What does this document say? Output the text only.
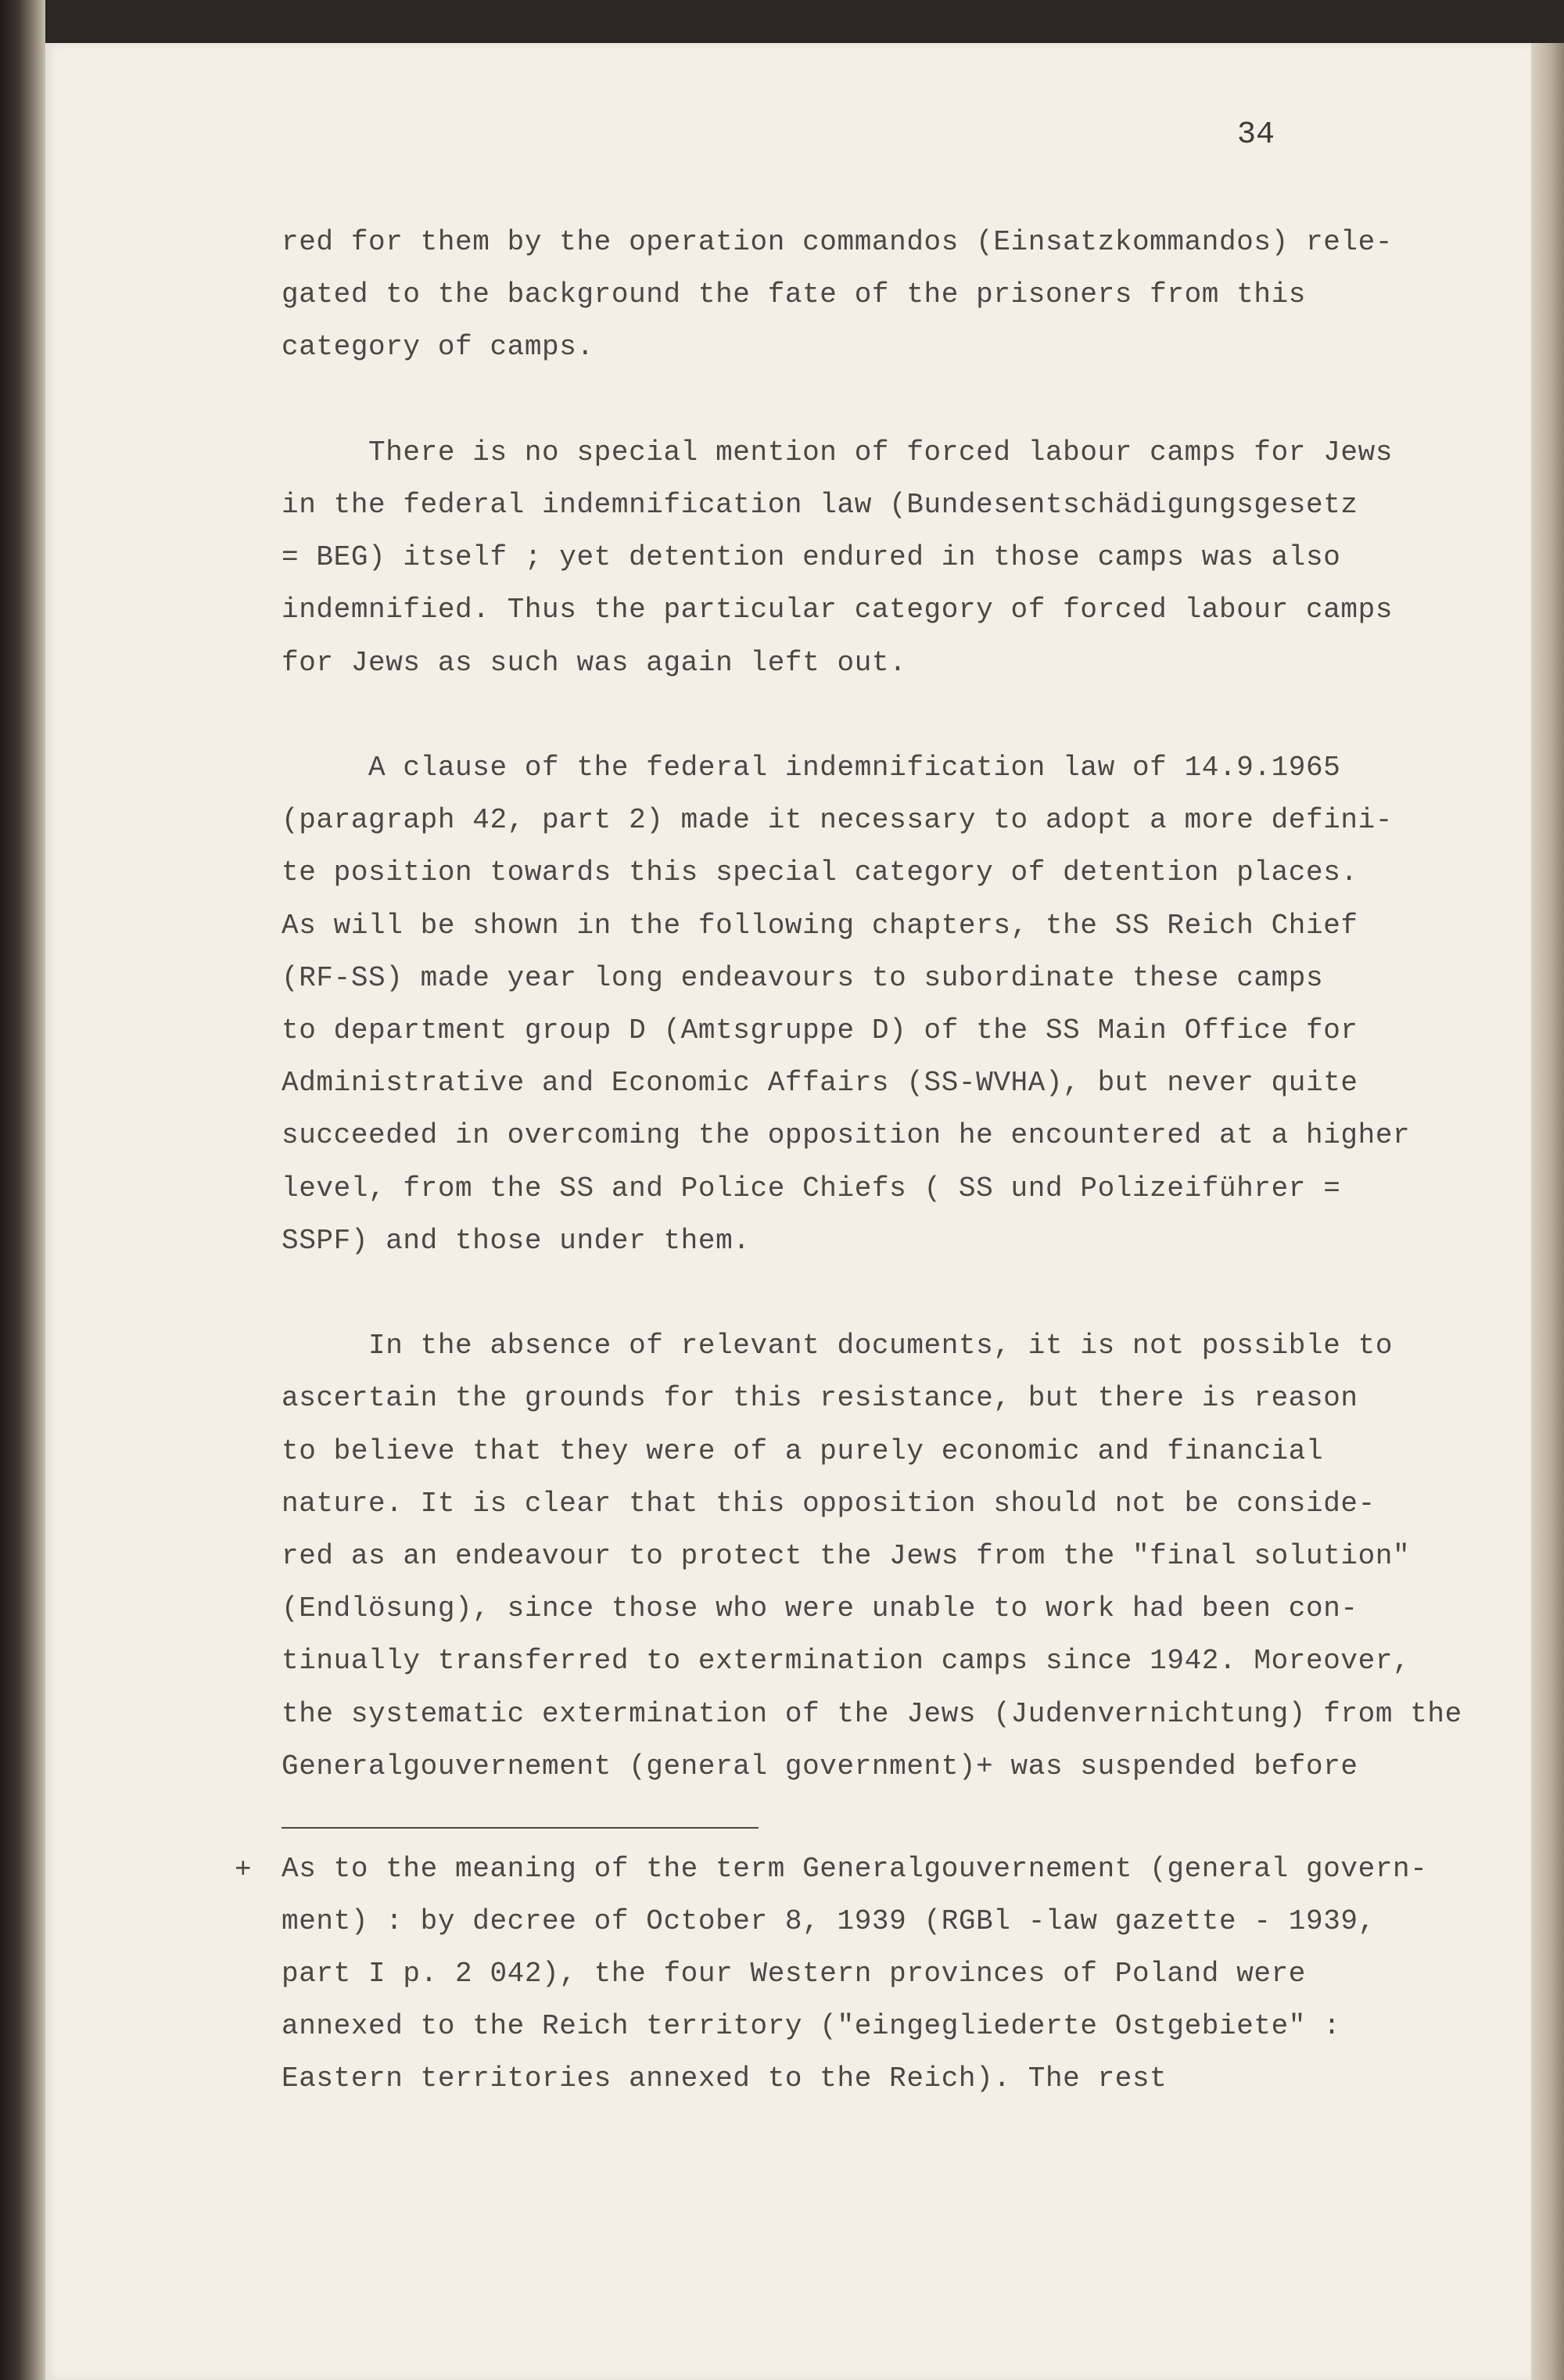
34
red for them by the operation commandos (Einsatzkommandos) rele-
gated to the background the fate of the prisoners from this
category of camps.
There is no special mention of forced labour camps for Jews
in the federal indemnification law (Bundesentschädigungsgesetz
= BEG) itself ; yet detention endured in those camps was also
indemnified. Thus the particular category of forced labour camps
for Jews as such was again left out.
A clause of the federal indemnification law of 14.9.1965
(paragraph 42, part 2) made it necessary to adopt a more defini-
te position towards this special category of detention places.
As will be shown in the following chapters, the SS Reich Chief
(RF-SS) made year long endeavours to subordinate these camps
to department group D (Amtsgruppe D) of the SS Main Office for
Administrative and Economic Affairs (SS-WVHA), but never quite
succeeded in overcoming the opposition he encountered at a higher
level, from the SS and Police Chiefs ( SS und Polizeiführer =
SSPF) and those under them.
In the absence of relevant documents, it is not possible to
ascertain the grounds for this resistance, but there is reason
to believe that they were of a purely economic and financial
nature. It is clear that this opposition should not be conside-
red as an endeavour to protect the Jews from the "final solution"
(Endlösung), since those who were unable to work had been con-
tinually transferred to extermination camps since 1942. Moreover,
the systematic extermination of the Jews (Judenvernichtung) from the
Generalgouvernement (general government)+ was suspended before
+ As to the meaning of the term Generalgouvernement (general govern-
ment) : by decree of October 8, 1939 (RGBl -law gazette - 1939,
part I p. 2 042), the four Western provinces of Poland were
annexed to the Reich territory ("eingegliederte Ostgebiete" :
Eastern territories annexed to the Reich). The rest
